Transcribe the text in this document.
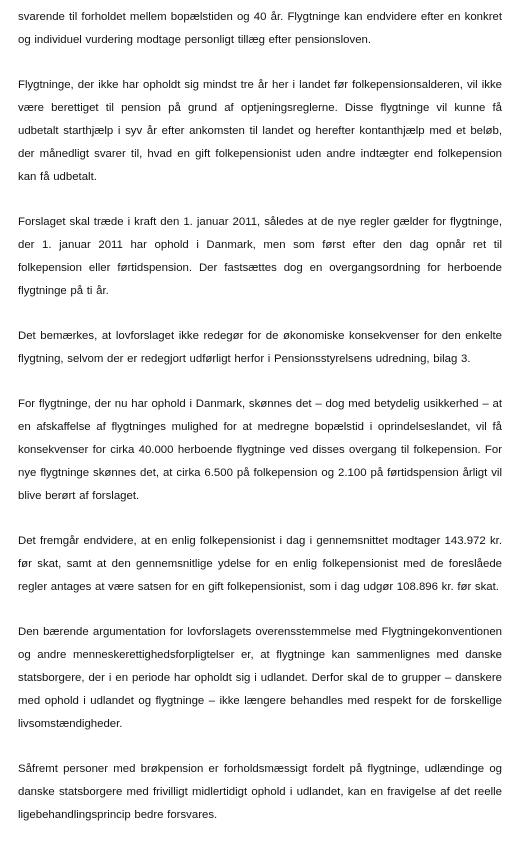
svarende til forholdet mellem bopælstiden og 40 år. Flygtninge kan endvidere efter en konkret og individuel vurdering modtage personligt tillæg efter pensionsloven.

Flygtninge, der ikke har opholdt sig mindst tre år her i landet før folkepensionsalderen, vil ikke være berettiget til pension på grund af optjeningsreglerne. Disse flygtninge vil kunne få udbetalt starthjælp i syv år efter ankomsten til landet og herefter kontanthjælp med et beløb, der månedligt svarer til, hvad en gift folkepensionist uden andre indtægter end folkepension kan få udbetalt.

Forslaget skal træde i kraft den 1. januar 2011, således at de nye regler gælder for flygtninge, der 1. januar 2011 har ophold i Danmark, men som først efter den dag opnår ret til folkepension eller førtidspension. Der fastsættes dog en overgangsordning for herboende flygtninge på ti år.

Det bemærkes, at lovforslaget ikke redegør for de økonomiske konsekvenser for den enkelte flygtning, selvom der er redegjort udførligt herfor i Pensionsstyrelsens udredning, bilag 3.

For flygtninge, der nu har ophold i Danmark, skønnes det – dog med betydelig usikkerhed – at en afskaffelse af flygtninges mulighed for at medregne bopælstid i oprindelseslandet, vil få konsekvenser for cirka 40.000 herboende flygtninge ved disses overgang til folkepension. For nye flygtninge skønnes det, at cirka 6.500 på folkepension og 2.100 på førtidspension årligt vil blive berørt af forslaget.

Det fremgår endvidere, at en enlig folkepensionist i dag i gennemsnittet modtager 143.972 kr. før skat, samt at den gennemsnitlige ydelse for en enlig folkepensionist med de foreslåede regler antages at være satsen for en gift folkepensionist, som i dag udgør 108.896 kr. før skat.

Den bærende argumentation for lovforslagets overensstemmelse med Flygtningekonventionen og andre menneskerettighedsforpligtelser er, at flygtninge kan sammenlignes med danske statsborgere, der i en periode har opholdt sig i udlandet. Derfor skal de to grupper – danskere med ophold i udlandet og flygtninge – ikke længere behandles med respekt for de forskellige livsomstændigheder.

Såfremt personer med brøkpension er forholdsmæssigt fordelt på flygtninge, udlændinge og danske statsborgere med frivilligt midlertidigt ophold i udlandet, kan en fravigelse af det reelle ligebehandlingsprincip bedre forsvares.
